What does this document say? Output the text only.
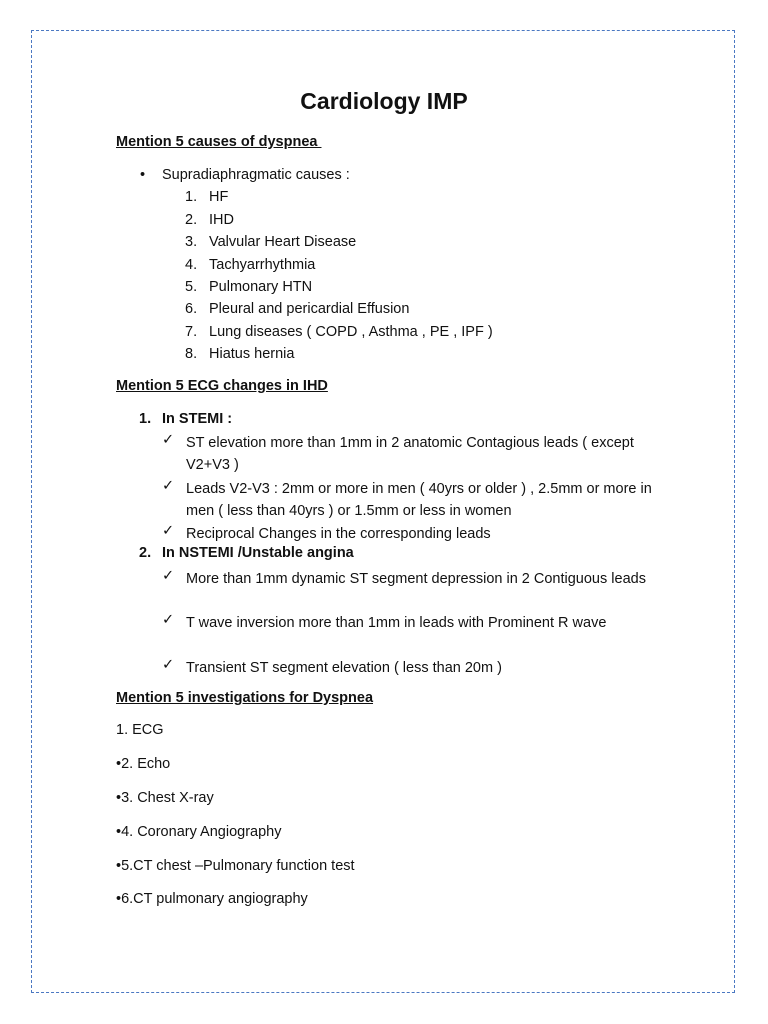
Cardiology IMP
Mention 5 causes of dyspnea
• Supradiaphragmatic causes :
1. HF
2. IHD
3. Valvular Heart Disease
4. Tachyarrhythmia
5. Pulmonary HTN
6. Pleural and pericardial Effusion
7. Lung diseases ( COPD , Asthma , PE , IPF )
8. Hiatus hernia
Mention 5 ECG changes in IHD
1. In STEMI :
✓ ST elevation more than 1mm in 2 anatomic Contagious leads ( except V2+V3 )
✓ Leads V2-V3 : 2mm or more in men ( 40yrs or older ) , 2.5mm or more in men ( less than 40yrs ) or 1.5mm or less in women
✓ Reciprocal Changes in the corresponding leads
2. In NSTEMI /Unstable angina
✓ More than 1mm dynamic ST segment depression in 2 Contiguous leads
✓ T wave inversion more than 1mm in leads with Prominent R wave
✓ Transient ST segment elevation ( less than 20m )
Mention 5 investigations for Dyspnea
1. ECG
•2. Echo
•3. Chest X-ray
•4. Coronary Angiography
•5.CT chest –Pulmonary function test
•6.CT pulmonary angiography
